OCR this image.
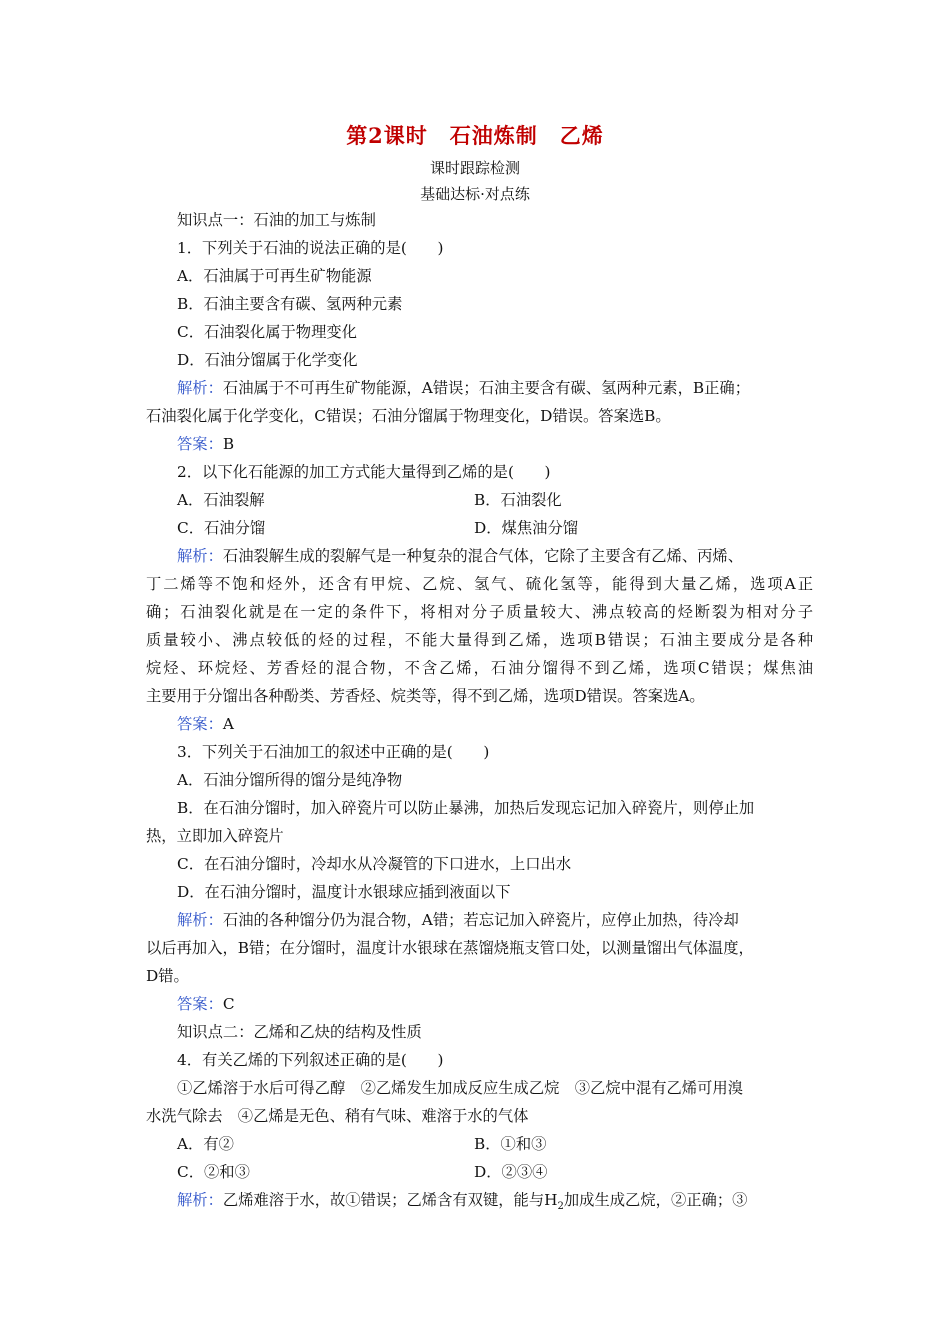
第2课时　石油炼制　乙烯
课时跟踪检测
基础达标·对点练
知识点一：石油的加工与炼制
1．下列关于石油的说法正确的是(　　)
A．石油属于可再生矿物能源
B．石油主要含有碳、氢两种元素
C．石油裂化属于物理变化
D．石油分馏属于化学变化
解析：石油属于不可再生矿物能源，A错误；石油主要含有碳、氢两种元素，B正确；
石油裂化属于化学变化，C错误；石油分馏属于物理变化，D错误。答案选B。
答案：B
2．以下化石能源的加工方式能大量得到乙烯的是(　　)
A．石油裂解	B．石油裂化
C．石油分馏	D．煤焦油分馏
解析：石油裂解生成的裂解气是一种复杂的混合气体，它除了主要含有乙烯、丙烯、
丁二烯等不饱和烃外，还含有甲烷、乙烷、氢气、硫化氢等，能得到大量乙烯，选项A正
确；石油裂化就是在一定的条件下，将相对分子质量较大、沸点较高的烃断裂为相对分子
质量较小、沸点较低的烃的过程，不能大量得到乙烯，选项B错误；石油主要成分是各种
烷烃、环烷烃、芳香烃的混合物，不含乙烯，石油分馏得不到乙烯，选项C错误；煤焦油
主要用于分馏出各种酚类、芳香烃、烷类等，得不到乙烯，选项D错误。答案选A。
答案：A
3．下列关于石油加工的叙述中正确的是(　　)
A．石油分馏所得的馏分是纯净物
B．在石油分馏时，加入碎瓷片可以防止暴沸，加热后发现忘记加入碎瓷片，则停止加
热，立即加入碎瓷片
C．在石油分馏时，冷却水从冷凝管的下口进水，上口出水
D．在石油分馏时，温度计水银球应插到液面以下
解析：石油的各种馏分仍为混合物，A错；若忘记加入碎瓷片，应停止加热，待冷却
以后再加入，B错；在分馏时，温度计水银球在蒸馏烧瓶支管口处，以测量馏出气体温度，
D错。
答案：C
知识点二：乙烯和乙炔的结构及性质
4．有关乙烯的下列叙述正确的是(　　)
①乙烯溶于水后可得乙醇　②乙烯发生加成反应生成乙烷　③乙烷中混有乙烯可用溴
水洗气除去　④乙烯是无色、稍有气味、难溶于水的气体
A．有②	B．①和③
C．②和③	D．②③④
解析：乙烯难溶于水，故①错误；乙烯含有双键，能与$H_2$加成生成乙烷，②正确；③
